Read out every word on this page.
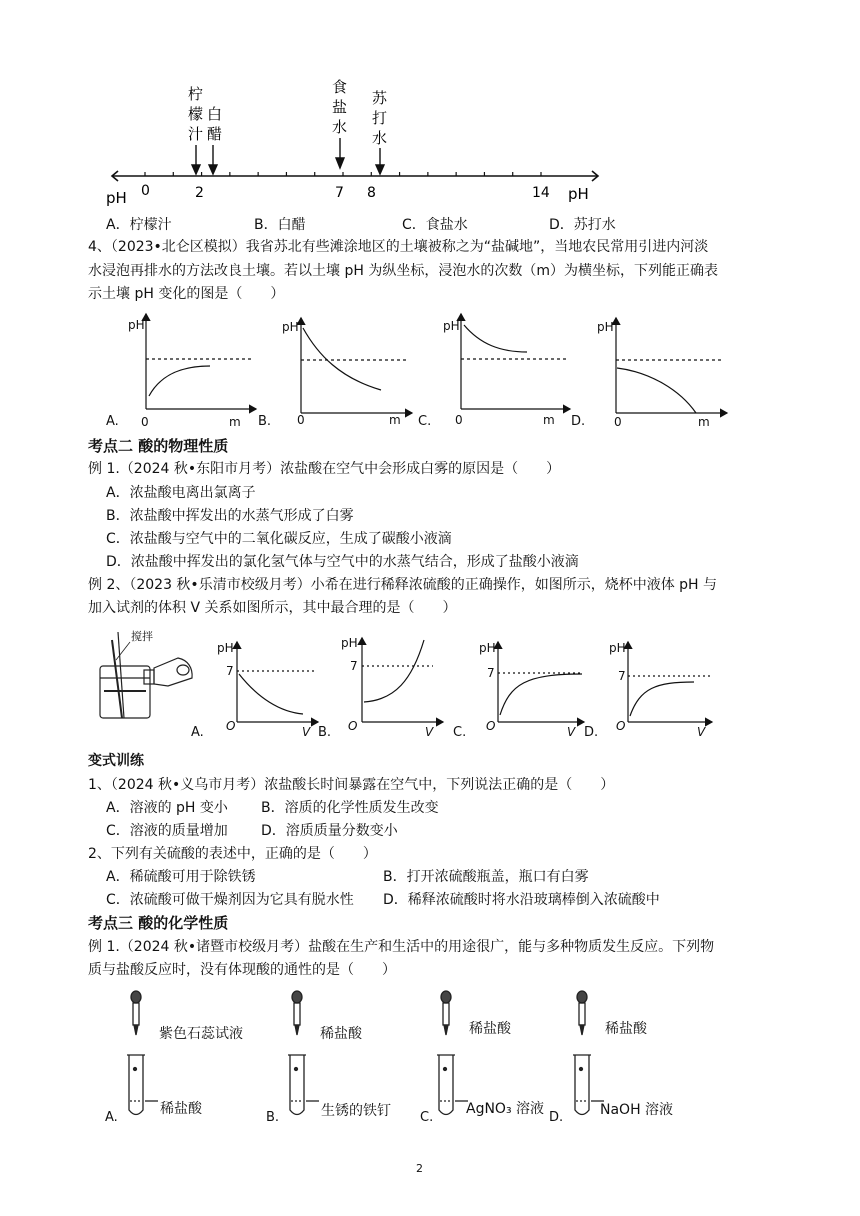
柠
檬
汁
白
醋
食
盐
水
苏
打
水
pH	pH
0	2	7 8	14
A．柠檬汁	B．白醋	C．食盐水	D．苏打水
4、（2023•北仑区模拟）我省苏北有些滩涂地区的土壤被称之为“盐碱地”，当地农民常用引进内河淡
水浸泡再排水的方法改良土壤。若以土壤 pH 为纵坐标，浸泡水的次数（m）为横坐标，下列能正确表
示土壤 pH 变化的图是（　　）
pH
0	m
pH
0	m
pH
0	m
pH
0	m
A.	B.	C.	D.
考点二 酸的物理性质
例 1.（2024 秋•东阳市月考）浓盐酸在空气中会形成白雾的原因是（　　）
A．浓盐酸电离出氯离子
B．浓盐酸中挥发出的水蒸气形成了白雾
C．浓盐酸与空气中的二氧化碳反应，生成了碳酸小液滴
D．浓盐酸中挥发出的氯化氢气体与空气中的水蒸气结合，形成了盐酸小液滴
例 2、（2023 秋•乐清市校级月考）小希在进行稀释浓硫酸的正确操作，如图所示，烧杯中液体 pH 与
加入试剂的体积 V 关系如图所示，其中最合理的是（　　）
搅拌
pH
7
O	V
pH
7
O	V
pH
7
O	V
pH
7
O	V
A.	B.	C.	D.
变式训练
1、（2024 秋•义乌市月考）浓盐酸长时间暴露在空气中，下列说法正确的是（　　）
A．溶液的 pH 变小 B．溶质的化学性质发生改变
C．溶液的质量增加 D．溶质质量分数变小
2、下列有关硫酸的表述中，正确的是（　　）
A．稀硫酸可用于除铁锈	B．打开浓硫酸瓶盖，瓶口有白雾
C．浓硫酸可做干燥剂因为它具有脱水性 D．稀释浓硫酸时将水沿玻璃棒倒入浓硫酸中
考点三 酸的化学性质
例 1.（2024 秋•诸暨市校级月考）盐酸在生产和生活中的用途很广，能与多种物质发生反应。下列物
质与盐酸反应时，没有体现酸的通性的是（　　）
紫色石蕊试液
稀盐酸
A.
稀盐酸
生锈的铁钉
B.
稀盐酸
AgNO₃ 溶液
C.
稀盐酸
NaOH 溶液
D.
2
